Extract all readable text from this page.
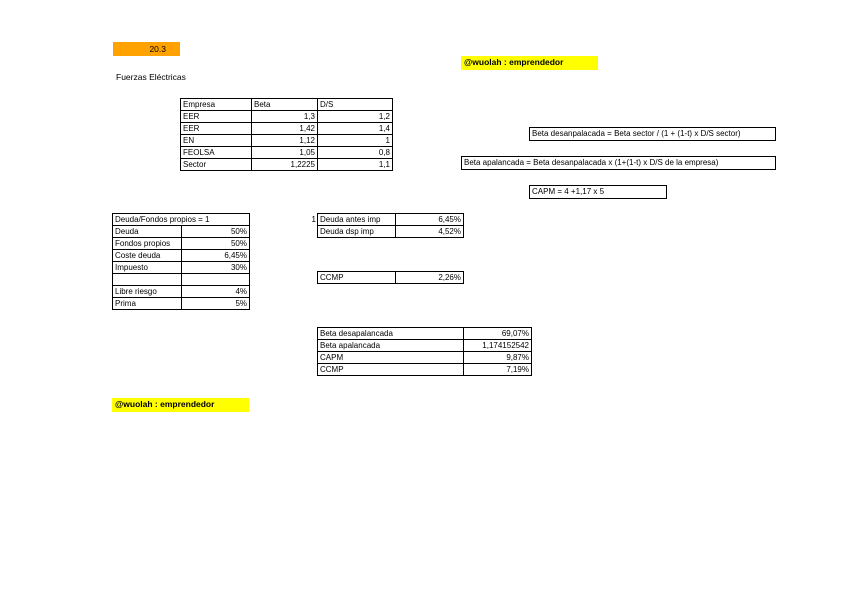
20.3
@wuolah : emprendedor
Fuerzas Eléctricas
Empresa	Beta	D/S
EER	1,3	1,2
EER	1,42	1,4
EN	1,12	1
FEOLSA	1,05	0,8
Sector	1,2225	1,1
Beta desanpalacada = Beta sector / (1 + (1-t) x D/S sector)
Beta apalancada = Beta desanpalacada x (1+(1-t) x D/S de la empresa)
CAPM = 4 +1,17 x 5
Deuda/Fondos propios = 1	
Deuda	50%
Fondos propios	50%
Coste deuda	6,45%
Impuesto	30%

Libre riesgo	4%
Prima	5%
1 Deuda antes imp	6,45%
Deuda dsp imp	4,52%
CCMP	2,26%
Beta desapalancada	69,07%
Beta apalancada	1,174152542
CAPM	9,87%
CCMP	7,19%
@wuolah : emprendedor
